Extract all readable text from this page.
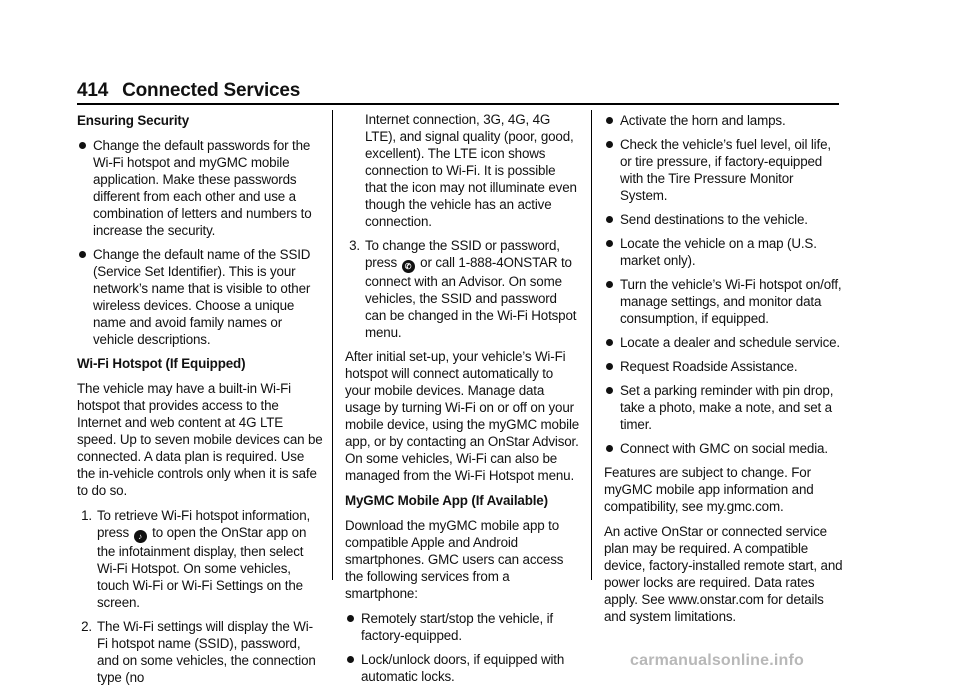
414 Connected Services
Ensuring Security
Change the default passwords for the Wi-Fi hotspot and myGMC mobile application. Make these passwords different from each other and use a combination of letters and numbers to increase the security.
Change the default name of the SSID (Service Set Identifier). This is your network’s name that is visible to other wireless devices. Choose a unique name and avoid family names or vehicle descriptions.
Wi-Fi Hotspot (If Equipped)

The vehicle may have a built-in Wi-Fi hotspot that provides access to the Internet and web content at 4G LTE speed. Up to seven mobile devices can be connected. A data plan is required. Use the in-vehicle controls only when it is safe to do so.

1. To retrieve Wi-Fi hotspot information, press ♪ to open the OnStar app on the infotainment display, then select Wi-Fi Hotspot. On some vehicles, touch Wi-Fi or Wi-Fi Settings on the screen.
2. The Wi-Fi settings will display the Wi-Fi hotspot name (SSID), password, and on some vehicles, the connection type (no
Internet connection, 3G, 4G, 4G LTE), and signal quality (poor, good, excellent). The LTE icon shows connection to Wi-Fi. It is possible that the icon may not illuminate even though the vehicle has an active connection.
3. To change the SSID or password, press ✆ or call 1-888-4ONSTAR to connect with an Advisor. On some vehicles, the SSID and password can be changed in the Wi-Fi Hotspot menu.

After initial set-up, your vehicle’s Wi-Fi hotspot will connect automatically to your mobile devices. Manage data usage by turning Wi-Fi on or off on your mobile device, using the myGMC mobile app, or by contacting an OnStar Advisor. On some vehicles, Wi-Fi can also be managed from the Wi-Fi Hotspot menu.

MyGMC Mobile App (If Available)

Download the myGMC mobile app to compatible Apple and Android smartphones. GMC users can access the following services from a smartphone:

Remotely start/stop the vehicle, if factory-equipped.
Lock/unlock doors, if equipped with automatic locks.
Activate the horn and lamps.
Check the vehicle’s fuel level, oil life, or tire pressure, if factory-equipped with the Tire Pressure Monitor System.
Send destinations to the vehicle.
Locate the vehicle on a map (U.S. market only).
Turn the vehicle’s Wi-Fi hotspot on/off, manage settings, and monitor data consumption, if equipped.
Locate a dealer and schedule service.
Request Roadside Assistance.
Set a parking reminder with pin drop, take a photo, make a note, and set a timer.
Connect with GMC on social media.

Features are subject to change. For myGMC mobile app information and compatibility, see my.gmc.com.

An active OnStar or connected service plan may be required. A compatible device, factory-installed remote start, and power locks are required. Data rates apply. See www.onstar.com for details and system limitations.

carmanualsonline.info
